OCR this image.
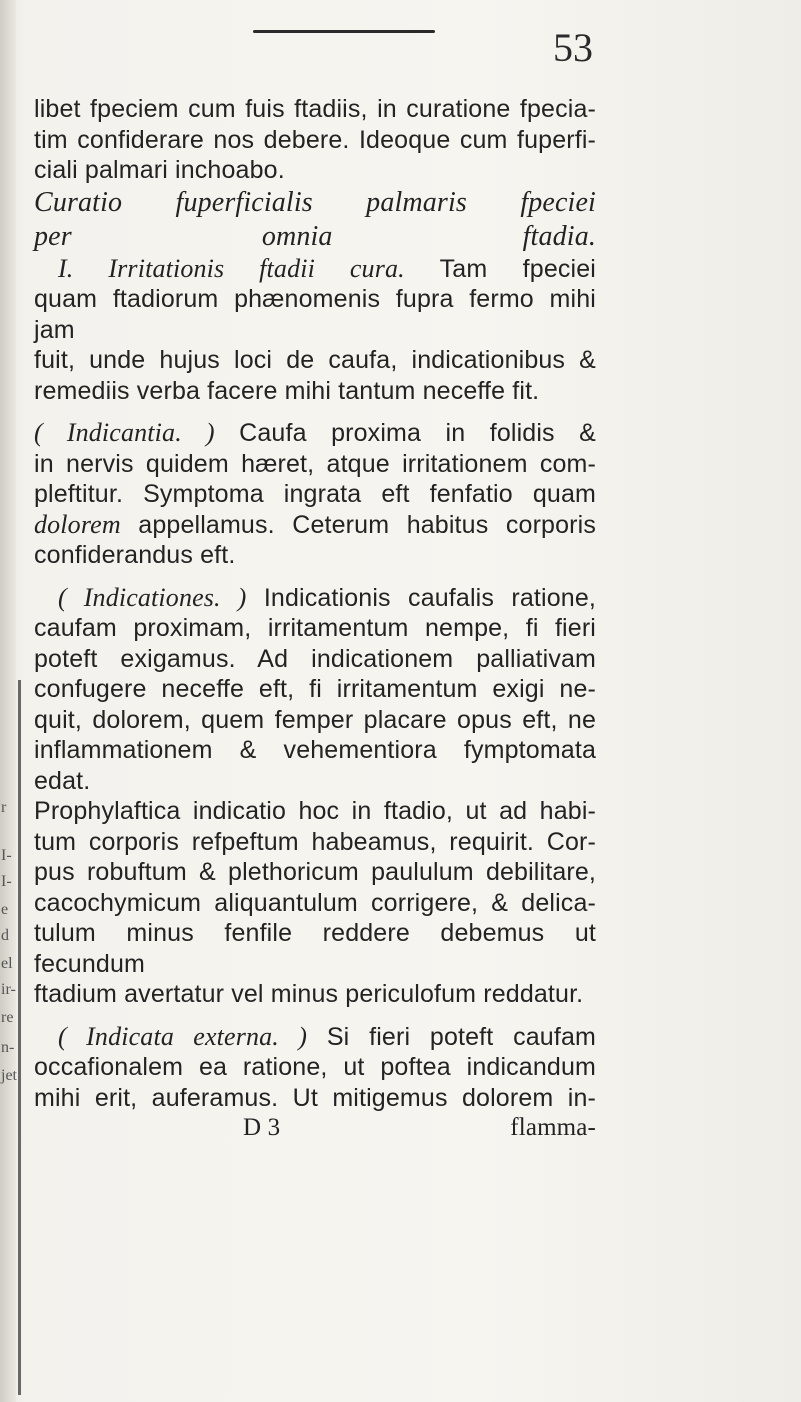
r
I-
I-
e
d
el
ir-
re
n-
jet
53

libet fpeciem cum fuis ftadiis, in curatione fpecia-

tim confiderare nos debere. Ideoque cum fuperfi-

ciali palmari inchoabo.

Curatio fuperficialis palmaris fpeciei

per omnia ftadia.

I. Irritationis ftadii cura. Tam fpeciei

quam ftadiorum phænomenis fupra fermo mihi jam

fuit, unde hujus loci de caufa, indicationibus &

remediis verba facere mihi tantum neceffe fit.

( Indicantia. ) Caufa proxima in folidis &

in nervis quidem hæret, atque irritationem com-

pleftitur. Symptoma ingrata eft fenfatio quam

dolorem appellamus. Ceterum habitus corporis

confiderandus eft.

( Indicationes. ) Indicationis caufalis ratione,

caufam proximam, irritamentum nempe, fi fieri

poteft exigamus. Ad indicationem palliativam

confugere neceffe eft, fi irritamentum exigi ne-

quit, dolorem, quem femper placare opus eft, ne

inflammationem & vehementiora fymptomata edat.

Prophylaftica indicatio hoc in ftadio, ut ad habi-

tum corporis refpeftum habeamus, requirit. Cor-

pus robuftum & plethoricum paululum debilitare,

cacochymicum aliquantulum corrigere, & delica-

tulum minus fenfile reddere debemus ut fecundum

ftadium avertatur vel minus periculofum reddatur.

( Indicata externa. ) Si fieri poteft caufam

occafionalem ea ratione, ut poftea indicandum

mihi erit, auferamus. Ut mitigemus dolorem in-

D 3	flamma-
